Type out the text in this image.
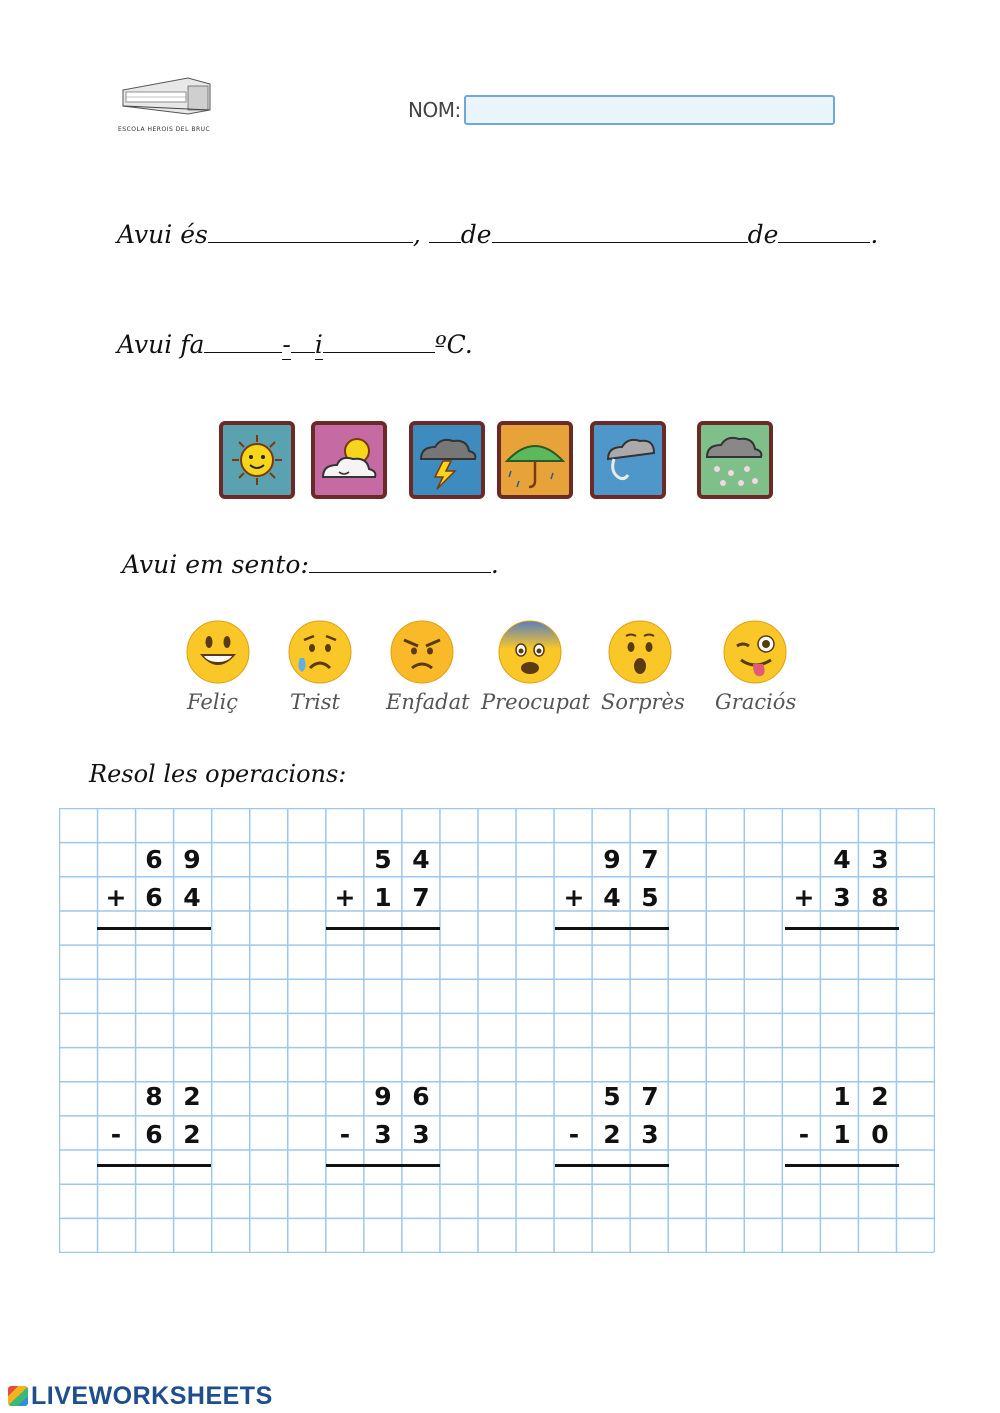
ESCOLA HEROIS DEL BRUC
NOM:
Avui és	, de	de	.
Avui fa	- i	ºC.
Avui em sento:	.
Feliç Trist Enfadat Preocupat Sorprès Graciós
Resol les operacions:
6 9
+ 6 4
5 4
+ 1 7
9 7
+ 4 5
4 3
+ 3 8
8 2
- 6 2
9 6
- 3 3
5 7
- 2 3
1 2
- 1 0
LIVEWORKSHEETS
